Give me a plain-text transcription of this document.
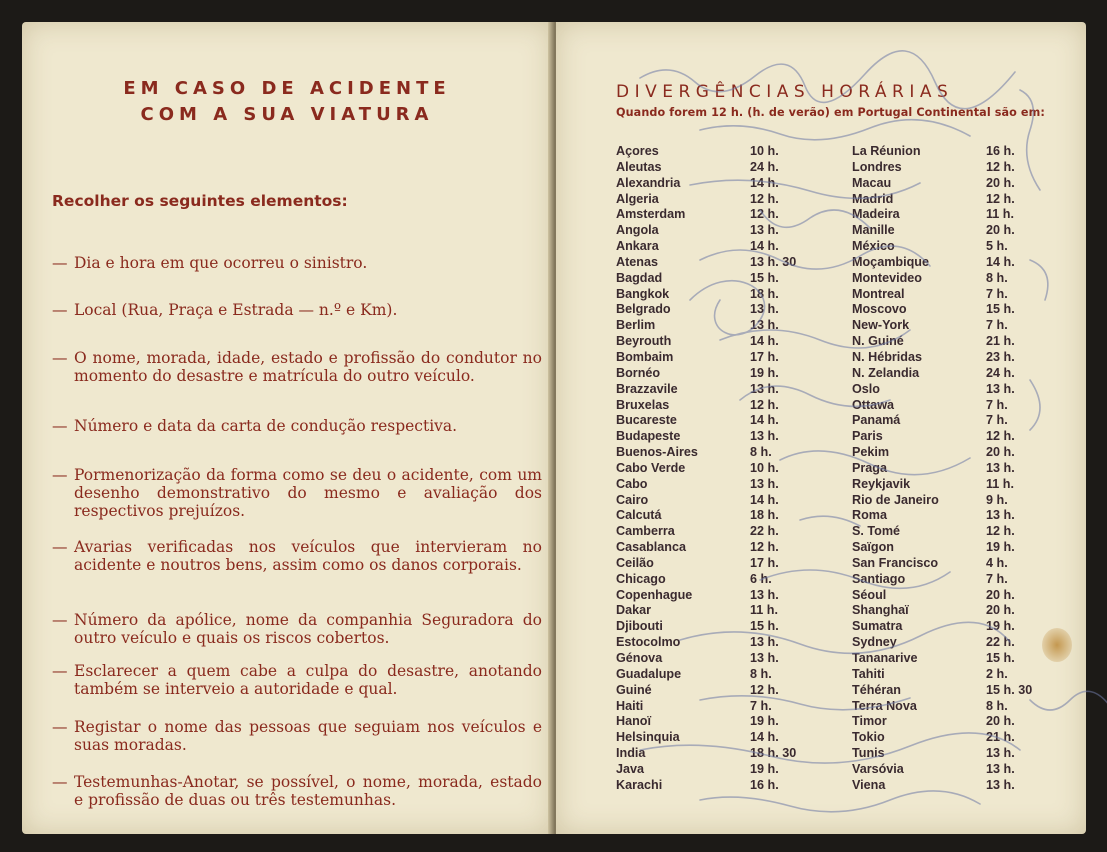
EM CASO DE ACIDENTE
COM A SUA VIATURA
Recolher os seguintes elementos:
— Dia e hora em que ocorreu o sinistro.
— Local (Rua, Praça e Estrada — n.º e Km).
— O nome, morada, idade, estado e profissão do condutor no momento do desastre e matrícula do outro veículo.
— Número e data da carta de condução respectiva.
— Pormenorização da forma como se deu o acidente, com um desenho demonstrativo do mesmo e avaliação dos respectivos prejuízos.
— Avarias verificadas nos veículos que intervieram no acidente e noutros bens, assim como os danos corporais.
— Número da apólice, nome da companhia Seguradora do outro veículo e quais os riscos cobertos.
— Esclarecer a quem cabe a culpa do desastre, anotando também se interveio a autoridade e qual.
— Registar o nome das pessoas que seguiam nos veículos e suas moradas.
— Testemunhas-Anotar, se possível, o nome, morada, estado e profissão de duas ou três testemunhas.
DIVERGÊNCIAS HORÁRIAS
Quando forem 12 h. (h. de verão) em Portugal Continental são em:
Açores	10 h.
Aleutas	24 h.
Alexandria	14 h.
Algeria	12 h.
Amsterdam	12 h.
Angola	13 h.
Ankara	14 h.
Atenas	13 h. 30
Bagdad	15 h.
Bangkok	18 h.
Belgrado	13 h.
Berlim	13 h.
Beyrouth	14 h.
Bombaim	17 h.
Bornéo	19 h.
Brazzavile	13 h.
Bruxelas	12 h.
Bucareste	14 h.
Budapeste	13 h.
Buenos-Aires	8 h.
Cabo Verde	10 h.
Cabo	13 h.
Cairo	14 h.
Calcutá	18 h.
Camberra	22 h.
Casablanca	12 h.
Ceilão	17 h.
Chicago	6 h.
Copenhague	13 h.
Dakar	11 h.
Djibouti	15 h.
Estocolmo	13 h.
Génova	13 h.
Guadalupe	8 h.
Guiné	12 h.
Haiti	7 h.
Hanoï	19 h.
Helsinquia	14 h.
India	18 h. 30
Java	19 h.
Karachi	16 h.
La Réunion	16 h.
Londres	12 h.
Macau	20 h.
Madrid	12 h.
Madeira	11 h.
Manille	20 h.
México	5 h.
Moçambique	14 h.
Montevideo	8 h.
Montreal	7 h.
Moscovo	15 h.
New-York	7 h.
N. Guiné	21 h.
N. Hébridas	23 h.
N. Zelandia	24 h.
Oslo	13 h.
Ottawa	7 h.
Panamá	7 h.
Paris	12 h.
Pekim	20 h.
Praga	13 h.
Reykjavik	11 h.
Rio de Janeiro	9 h.
Roma	13 h.
S. Tomé	12 h.
Saïgon	19 h.
San Francisco	4 h.
Santiago	7 h.
Séoul	20 h.
Shanghaï	20 h.
Sumatra	19 h.
Sydney	22 h.
Tananarive	15 h.
Tahiti	2 h.
Téhéran	15 h. 30
Terra Nova	8 h.
Timor	20 h.
Tokio	21 h.
Tunis	13 h.
Varsóvia	13 h.
Viena	13 h.
